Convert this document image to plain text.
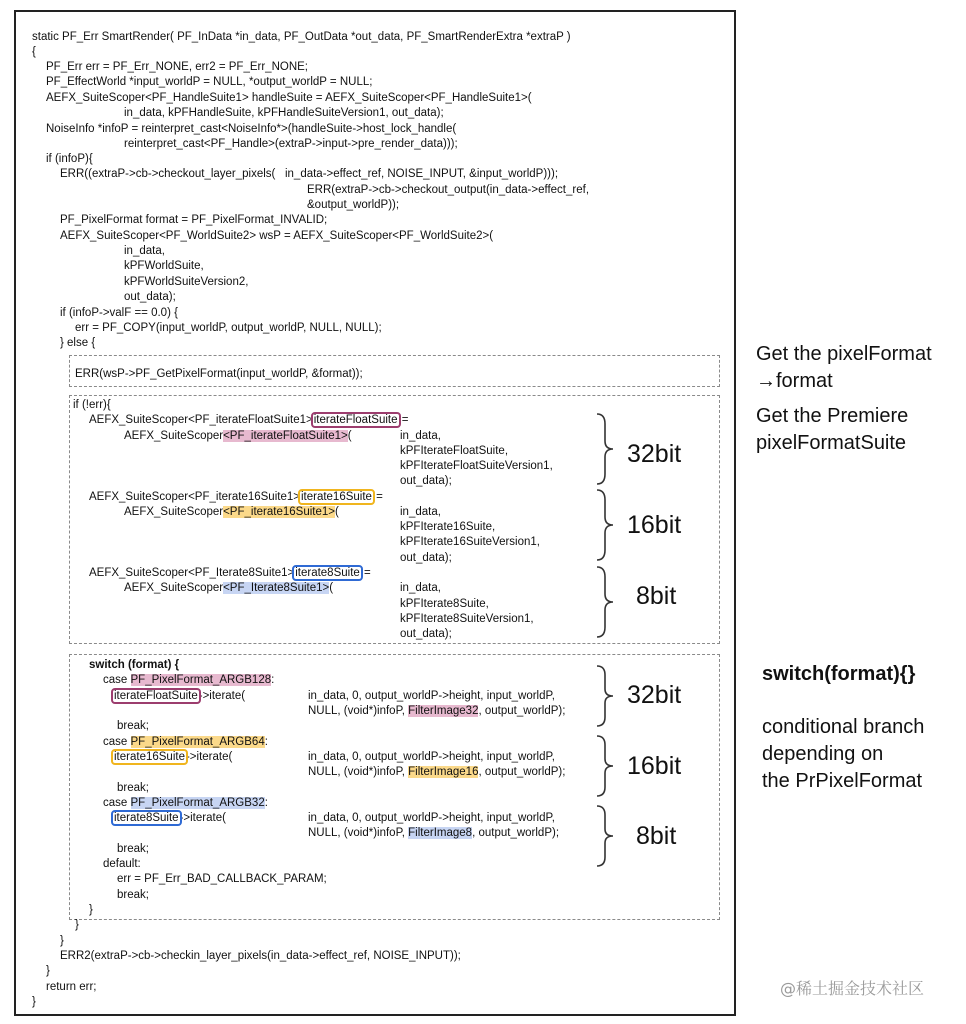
static PF_Err SmartRender( PF_InData *in_data, PF_OutData *out_data, PF_SmartRenderExtra *extraP )
{
PF_Err err = PF_Err_NONE, err2 = PF_Err_NONE;
PF_EffectWorld *input_worldP = NULL, *output_worldP = NULL;
AEFX_SuiteScoper<PF_HandleSuite1> handleSuite = AEFX_SuiteScoper<PF_HandleSuite1>(
in_data, kPFHandleSuite, kPFHandleSuiteVersion1, out_data);
NoiseInfo *infoP = reinterpret_cast<NoiseInfo*>(handleSuite->host_lock_handle(
reinterpret_cast<PF_Handle>(extraP->input->pre_render_data)));
if (infoP){
ERR((extraP->cb->checkout_layer_pixels(   in_data->effect_ref, NOISE_INPUT, &input_worldP)));
ERR(extraP->cb->checkout_output(in_data->effect_ref,
&output_worldP));
PF_PixelFormat format = PF_PixelFormat_INVALID;
AEFX_SuiteScoper<PF_WorldSuite2> wsP = AEFX_SuiteScoper<PF_WorldSuite2>(
in_data,
kPFWorldSuite,
kPFWorldSuiteVersion2,
out_data);
if (infoP->valF == 0.0) {
err = PF_COPY(input_worldP, output_worldP, NULL, NULL);
} else {
ERR(wsP->PF_GetPixelFormat(input_worldP, &format));
if (!err){
AEFX_SuiteScoper<PF_iterateFloatSuite1>iterateFloatSuite =
AEFX_SuiteScoper<PF_iterateFloatSuite1>(	in_data,
kPFIterateFloatSuite,
kPFIterateFloatSuiteVersion1,
out_data);
AEFX_SuiteScoper<PF_iterate16Suite1>iterate16Suite =
AEFX_SuiteScoper<PF_iterate16Suite1>(	in_data,
kPFIterate16Suite,
kPFIterate16SuiteVersion1,
out_data);
AEFX_SuiteScoper<PF_Iterate8Suite1>iterate8Suite =
AEFX_SuiteScoper<PF_Iterate8Suite1>(	in_data,
kPFIterate8Suite,
kPFIterate8SuiteVersion1,
out_data);
switch (format) {
case PF_PixelFormat_ARGB128:
iterateFloatSuite->iterate(	in_data, 0, output_worldP->height, input_worldP,
NULL, (void*)infoP, FilterImage32, output_worldP);
break;
case PF_PixelFormat_ARGB64:
iterate16Suite->iterate(	in_data, 0, output_worldP->height, input_worldP,
NULL, (void*)infoP, FilterImage16, output_worldP);
break;
case PF_PixelFormat_ARGB32:
iterate8Suite->iterate(	in_data, 0, output_worldP->height, input_worldP,
NULL, (void*)infoP, FilterImage8, output_worldP);
break;
default:
err = PF_Err_BAD_CALLBACK_PARAM;
break;
}
}
}
ERR2(extraP->cb->checkin_layer_pixels(in_data->effect_ref, NOISE_INPUT));
}
return err;
}
32bit
16bit
8bit
32bit
16bit
8bit
Get the pixelFormat
→format
Get the Premiere
pixelFormatSuite
switch(format){}
conditional branch
depending on
the PrPixelFormat
@稀土掘金技术社区
